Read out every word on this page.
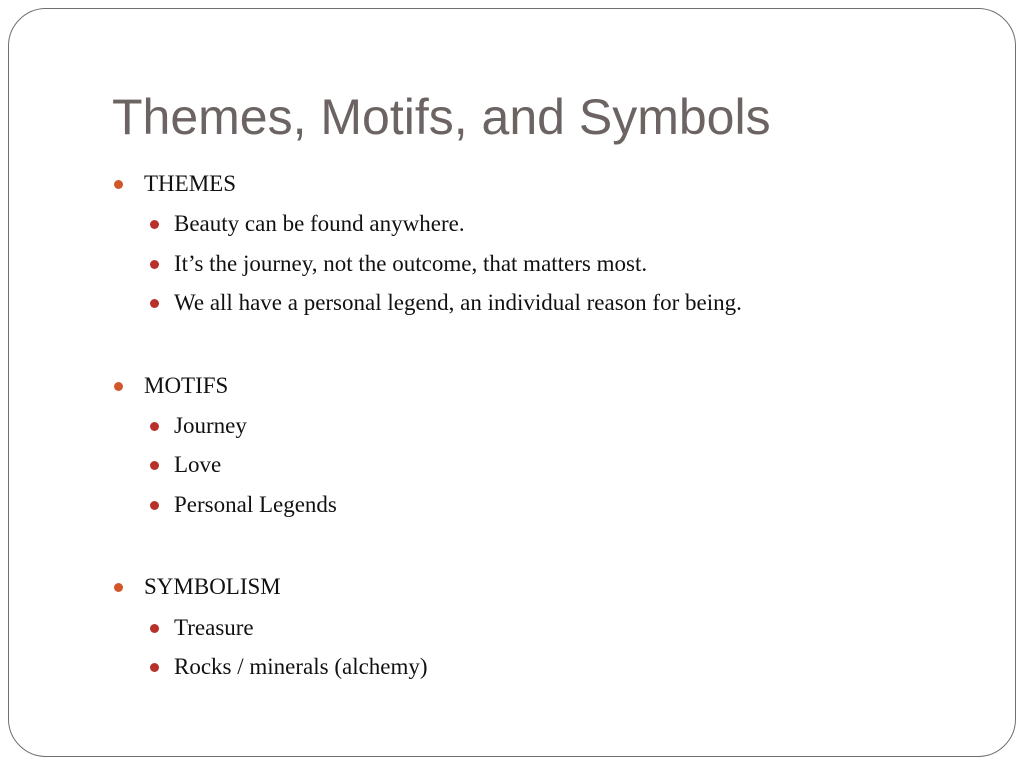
Themes, Motifs, and Symbols
THEMES
Beauty can be found anywhere.
It’s the journey, not the outcome, that matters most.
We all have a personal legend, an individual reason for being.
MOTIFS
Journey
Love
Personal Legends
SYMBOLISM
Treasure
Rocks / minerals (alchemy)
